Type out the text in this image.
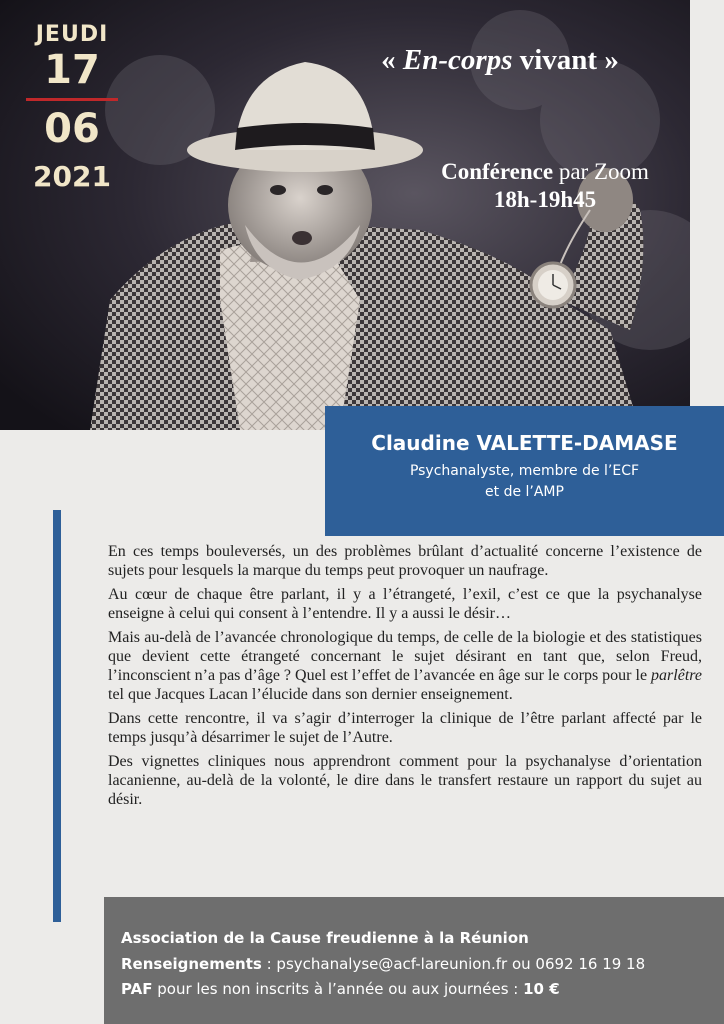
JEUDI
17
06
2021
« En-corps vivant »
Conférence par Zoom
18h-19h45
Claudine VALETTE-DAMASE
Psychanalyste, membre de l’ECF
et de l’AMP

En ces temps bouleversés, un des problèmes brûlant d’actualité concerne l’existence de sujets pour lesquels la marque du temps peut provoquer un naufrage.

Au cœur de chaque être parlant, il y a l’étrangeté, l’exil, c’est ce que la psychanalyse enseigne à celui qui consent à l’entendre. Il y a aussi le désir…

Mais au-delà de l’avancée chronologique du temps, de celle de la biologie et des statistiques que devient cette étrangeté concernant le sujet désirant en tant que, selon Freud, l’inconscient n’a pas d’âge ? Quel est l’effet de l’avancée en âge sur le corps pour le parlêtre tel que Jacques Lacan l’élucide dans son dernier enseignement.

Dans cette rencontre, il va s’agir d’interroger la clinique de l’être parlant affecté par le temps jusqu’à désarrimer le sujet de l’Autre.

Des vignettes cliniques nous apprendront comment pour la psychanalyse d’orientation lacanienne, au-delà de la volonté, le dire dans le transfert restaure un rapport du sujet au désir.

Association de la Cause freudienne à la Réunion
Renseignements : psychanalyse@acf-lareunion.fr ou 0692 16 19 18
PAF pour les non inscrits à l’année ou aux journées : 10 €
